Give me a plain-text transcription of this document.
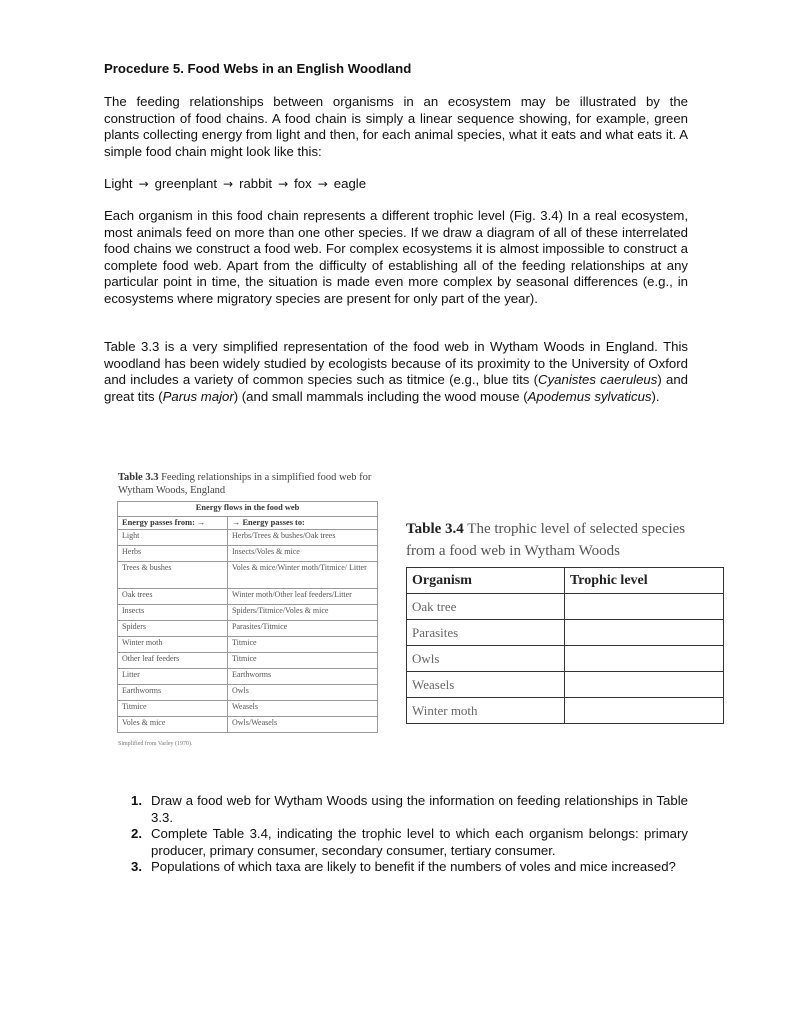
Procedure 5. Food Webs in an English Woodland

The feeding relationships between organisms in an ecosystem may be illustrated by the construction of food chains. A food chain is simply a linear sequence showing, for example, green plants collecting energy from light and then, for each animal species, what it eats and what eats it. A simple food chain might look like this:

Light → greenplant → rabbit → fox → eagle

Each organism in this food chain represents a different trophic level (Fig. 3.4) In a real ecosystem, most animals feed on more than one other species. If we draw a diagram of all of these interrelated food chains we construct a food web. For complex ecosystems it is almost impossible to construct a complete food web. Apart from the difficulty of establishing all of the feeding relationships at any particular point in time, the situation is made even more complex by seasonal differences (e.g., in ecosystems where migratory species are present for only part of the year).

Table 3.3 is a very simplified representation of the food web in Wytham Woods in England. This woodland has been widely studied by ecologists because of its proximity to the University of Oxford and includes a variety of common species such as titmice (e.g., blue tits (Cyanistes caeruleus) and great tits (Parus major) (and small mammals including the wood mouse (Apodemus sylvaticus).

Table 3.3 Feeding relationships in a simplified food web for Wytham Woods, England
Energy flows in the food web	
Energy passes from: →	→ Energy passes to:
Light	Herbs/Trees & bushes/Oak trees
Herbs	Insects/Voles & mice
Trees & bushes	Voles & mice/Winter moth/Titmice/ Litter
Oak trees	Winter moth/Other leaf feeders/Litter
Insects	Spiders/Titmice/Voles & mice
Spiders	Parasites/Titmice
Winter moth	Titmice
Other leaf feeders	Titmice
Litter	Earthworms
Earthworms	Owls
Titmice	Weasels
Voles & mice	Owls/Weasels
Simplified from Varley (1970).
Table 3.4 The trophic level of selected species from a food web in Wytham Woods
Organism	Trophic level
Oak tree	
Parasites	
Owls	
Weasels	
Winter moth	
1. Draw a food web for Wytham Woods using the information on feeding relationships in Table 3.3.
2. Complete Table 3.4, indicating the trophic level to which each organism belongs: primary producer, primary consumer, secondary consumer, tertiary consumer.
3. Populations of which taxa are likely to benefit if the numbers of voles and mice increased?
